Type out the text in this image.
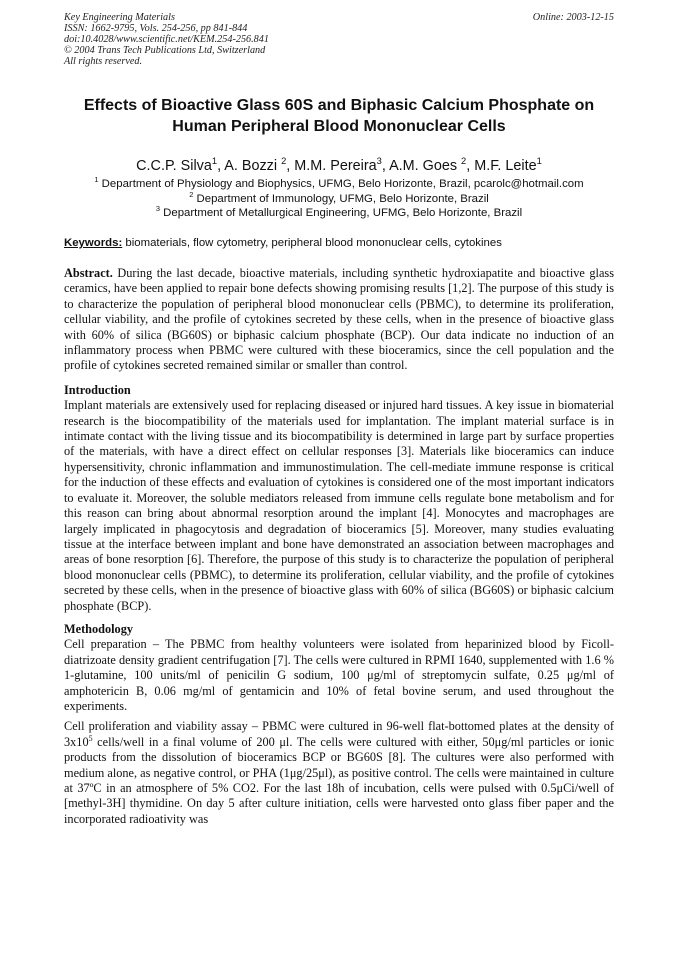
Key Engineering Materials
ISSN: 1662-9795, Vols. 254-256, pp 841-844
doi:10.4028/www.scientific.net/KEM.254-256.841
© 2004 Trans Tech Publications Ltd, Switzerland
All rights reserved.
Online: 2003-12-15
Effects of Bioactive Glass 60S and Biphasic Calcium Phosphate on
Human Peripheral Blood Mononuclear Cells
C.C.P. Silva$^1$, A. Bozzi $^2$, M.M. Pereira$^3$, A.M. Goes $^2$, M.F. Leite$^1$
$^1$ Department of Physiology and Biophysics, UFMG, Belo Horizonte, Brazil, pcarolc@hotmail.com
$^2$ Department of Immunology, UFMG, Belo Horizonte, Brazil
$^3$ Department of Metallurgical Engineering, UFMG, Belo Horizonte, Brazil
Keywords: biomaterials, flow cytometry, peripheral blood mononuclear cells, cytokines

Abstract. During the last decade, bioactive materials, including synthetic hydroxiapatite and bioactive glass ceramics, have been applied to repair bone defects showing promising results [1,2]. The purpose of this study is to characterize the population of peripheral blood mononuclear cells (PBMC), to determine its proliferation, cellular viability, and the profile of cytokines secreted by these cells, when in the presence of bioactive glass with 60% of silica (BG60S) or biphasic calcium phosphate (BCP). Our data indicate no induction of an inflammatory process when PBMC were cultured with these bioceramics, since the cell population and the profile of cytokines secreted remained similar or smaller than control.

Introduction

Implant materials are extensively used for replacing diseased or injured hard tissues. A key issue in biomaterial research is the biocompatibility of the materials used for implantation. The implant material surface is in intimate contact with the living tissue and its biocompatibility is determined in large part by surface properties of the materials, with have a direct effect on cellular responses [3]. Materials like bioceramics can induce hypersensitivity, chronic inflammation and immunostimulation. The cell-mediate immune response is critical for the induction of these effects and evaluation of cytokines is considered one of the most important indicators to evaluate it. Moreover, the soluble mediators released from immune cells regulate bone metabolism and for this reason can bring about abnormal resorption around the implant [4]. Monocytes and macrophages are largely implicated in phagocytosis and degradation of bioceramics [5]. Moreover, many studies evaluating tissue at the interface between implant and bone have demonstrated an association between macrophages and areas of bone resorption [6]. Therefore, the purpose of this study is to characterize the population of peripheral blood mononuclear cells (PBMC), to determine its proliferation, cellular viability, and the profile of cytokines secreted by these cells, when in the presence of bioactive glass with 60% of silica (BG60S) or biphasic calcium phosphate (BCP).

Methodology

Cell preparation – The PBMC from healthy volunteers were isolated from heparinized blood by Ficoll-diatrizoate density gradient centrifugation [7]. The cells were cultured in RPMI 1640, supplemented with 1.6 % 1-glutamine, 100 units/ml of penicilin G sodium, 100 μg/ml of streptomycin sulfate, 0.25 μg/ml of amphotericin B, 0.06 mg/ml of gentamicin and 10% of fetal bovine serum, and used throughout the experiments.

Cell proliferation and viability assay – PBMC were cultured in 96-well flat-bottomed plates at the density of $3x10^5$ cells/well in a final volume of 200 μl. The cells were cultured with either, 50μg/ml particles or ionic products from the dissolution of bioceramics BCP or BG60S [8]. The cultures were also performed with medium alone, as negative control, or PHA (1μg/25μl), as positive control. The cells were maintained in culture at 37ºC in an atmosphere of 5% CO2. For the last 18h of incubation, cells were pulsed with 0.5μCi/well of [methyl-3H] thymidine. On day 5 after culture initiation, cells were harvested onto glass fiber paper and the incorporated radioativity was
